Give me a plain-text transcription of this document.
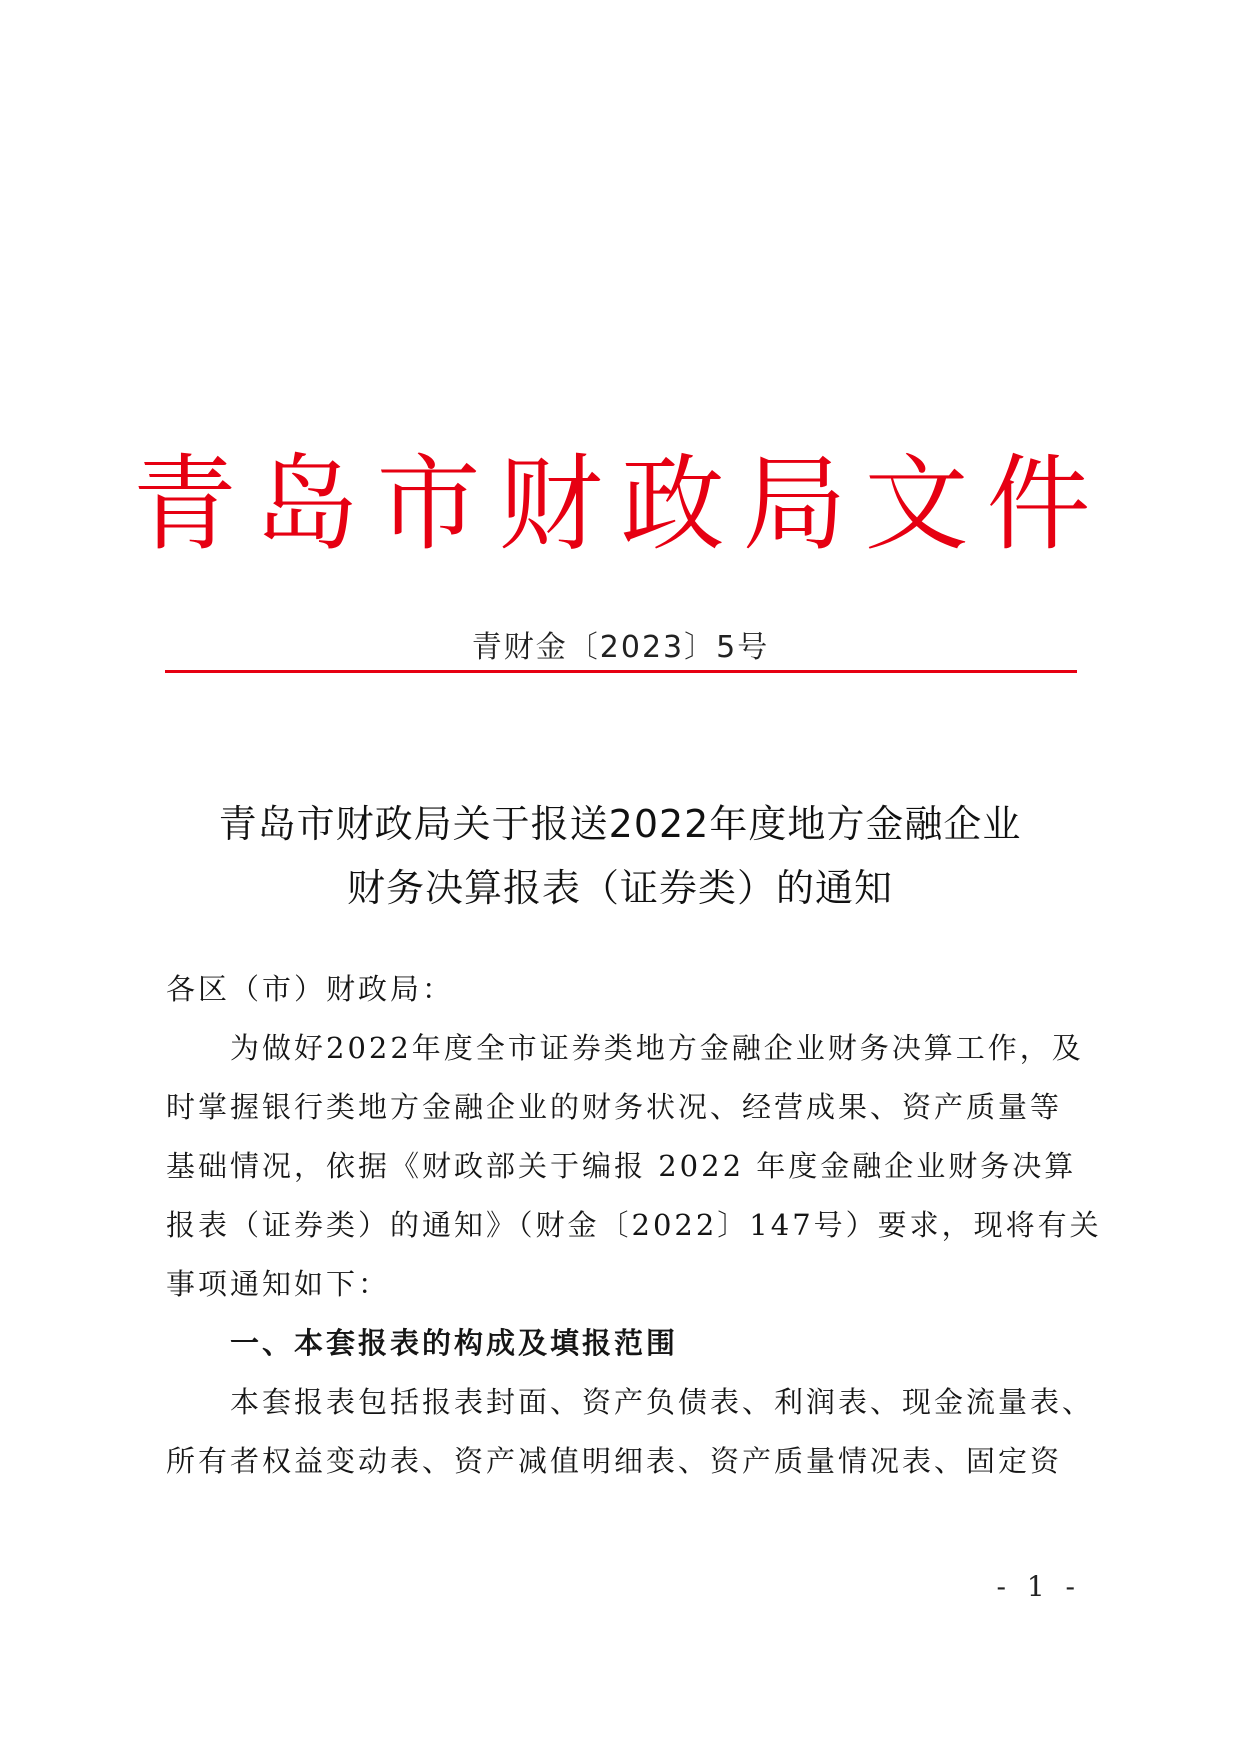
青岛市财政局文件
青财金〔2023〕5号
青岛市财政局关于报送2022年度地方金融企业
财务决算报表（证券类）的通知
各区（市）财政局：
为做好2022年度全市证券类地方金融企业财务决算工作，及
时掌握银行类地方金融企业的财务状况、经营成果、资产质量等
基础情况，依据《财政部关于编报 2022 年度金融企业财务决算
报表（证券类）的通知》（财金〔2022〕147号）要求，现将有关
事项通知如下：
一、本套报表的构成及填报范围
本套报表包括报表封面、资产负债表、利润表、现金流量表、
所有者权益变动表、资产减值明细表、资产质量情况表、固定资
- 1 -
